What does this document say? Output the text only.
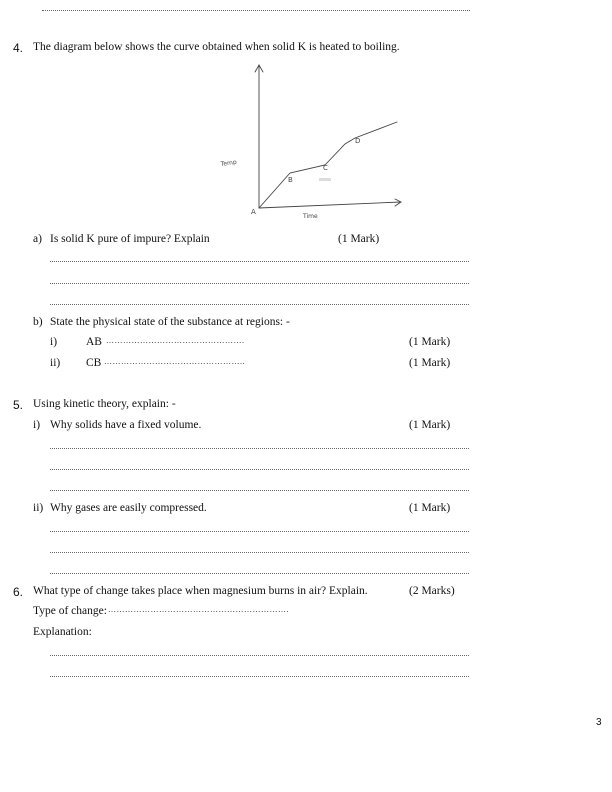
4. The diagram below shows the curve obtained when solid K is heated to boiling.
A
B
C
D
Temp
Time
a) Is solid K pure of impure? Explain	(1 Mark)
b) State the physical state of the substance at regions: -
i)	AB ………………………………………….	(1 Mark)
ii) CB …………………………………………..	(1 Mark)
5. Using kinetic theory, explain: -
i) Why solids have a fixed volume.	(1 Mark)
ii) Why gases are easily compressed.	(1 Mark)
6. What type of change takes place when magnesium burns in air? Explain.	(2 Marks)
Type of change: ……………………………………………………….
Explanation:
3
